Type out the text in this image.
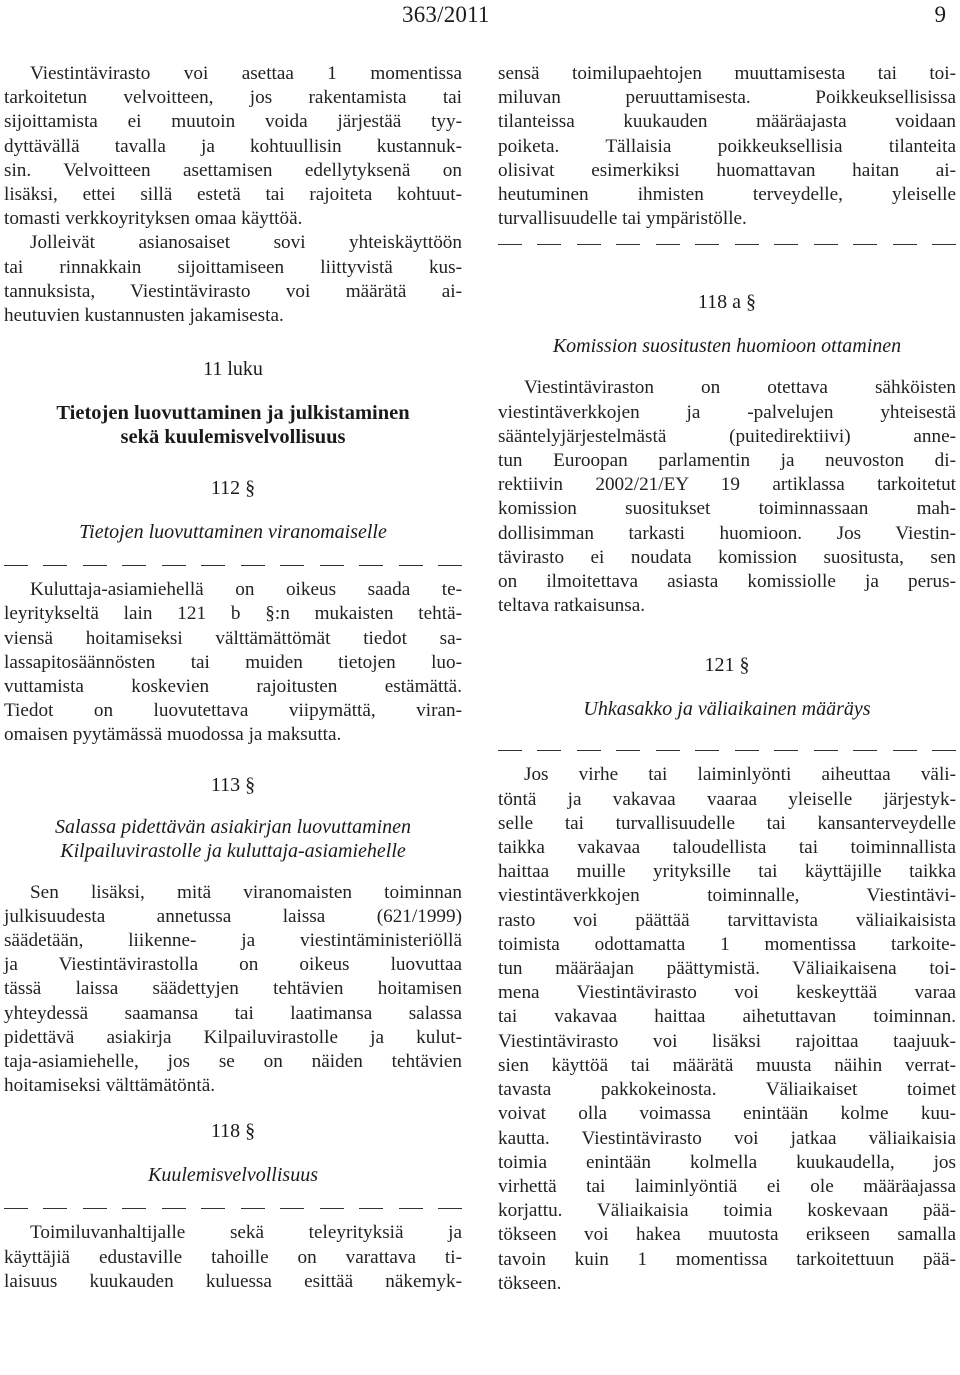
363/2011	9
Viestintävirasto voi asettaa 1 momentissa
tarkoitetun velvoitteen, jos rakentamista tai
sijoittamista ei muutoin voida järjestää tyy-
dyttävällä tavalla ja kohtuullisin kustannuk-
sin. Velvoitteen asettamisen edellytyksenä on
lisäksi, ettei sillä estetä tai rajoiteta kohtuut-
tomasti verkkoyrityksen omaa käyttöä.
Jolleivät asianosaiset sovi yhteiskäyttöön
tai rinnakkain sijoittamiseen liittyvistä kus-
tannuksista, Viestintävirasto voi määrätä ai-
heutuvien kustannusten jakamisesta.
11 luku
Tietojen luovuttaminen ja julkistaminen
sekä kuulemisvelvollisuus
112 §
Tietojen luovuttaminen viranomaiselle
Kuluttaja-asiamiehellä on oikeus saada te-
leyritykseltä lain 121 b §:n mukaisten tehtä-
viensä hoitamiseksi välttämättömät tiedot sa-
lassapitosäännösten tai muiden tietojen luo-
vuttamista koskevien rajoitusten estämättä.
Tiedot on luovutettava viipymättä, viran-
omaisen pyytämässä muodossa ja maksutta.
113 §
Salassa pidettävän asiakirjan luovuttaminen
Kilpailuvirastolle ja kuluttaja-asiamiehelle
Sen lisäksi, mitä viranomaisten toiminnan
julkisuudesta annetussa laissa (621/1999)
säädetään, liikenne- ja viestintäministeriöllä
ja Viestintävirastolla on oikeus luovuttaa
tässä laissa säädettyjen tehtävien hoitamisen
yhteydessä saamansa tai laatimansa salassa
pidettävä asiakirja Kilpailuvirastolle ja kulut-
taja-asiamiehelle, jos se on näiden tehtävien
hoitamiseksi välttämätöntä.
118 §
Kuulemisvelvollisuus
Toimiluvanhaltijalle sekä teleyrityksiä ja
käyttäjiä edustaville tahoille on varattava ti-
laisuus kuukauden kuluessa esittää näkemyk-
sensä toimilupaehtojen muuttamisesta tai toi-
miluvan peruuttamisesta. Poikkeuksellisissa
tilanteissa kuukauden määräajasta voidaan
poiketa. Tällaisia poikkeuksellisia tilanteita
olisivat esimerkiksi huomattavan haitan ai-
heutuminen ihmisten terveydelle, yleiselle
turvallisuudelle tai ympäristölle.
118 a §
Komission suositusten huomioon ottaminen
Viestintäviraston on otettava sähköisten
viestintäverkkojen ja -palvelujen yhteisestä
sääntelyjärjestelmästä (puitedirektiivi) anne-
tun Euroopan parlamentin ja neuvoston di-
rektiivin 2002/21/EY 19 artiklassa tarkoitetut
komission suositukset toiminnassaan mah-
dollisimman tarkasti huomioon. Jos Viestin-
tävirasto ei noudata komission suositusta, sen
on ilmoitettava asiasta komissiolle ja perus-
teltava ratkaisunsa.
121 §
Uhkasakko ja väliaikainen määräys
Jos virhe tai laiminlyönti aiheuttaa väli-
töntä ja vakavaa vaaraa yleiselle järjestyk-
selle tai turvallisuudelle tai kansanterveydelle
taikka vakavaa taloudellista tai toiminnallista
haittaa muille yrityksille tai käyttäjille taikka
viestintäverkkojen toiminnalle, Viestintävi-
rasto voi päättää tarvittavista väliaikaisista
toimista odottamatta 1 momentissa tarkoite-
tun määräajan päättymistä. Väliaikaisena toi-
mena Viestintävirasto voi keskeyttää varaa
tai vakavaa haittaa aihetuttavan toiminnan.
Viestintävirasto voi lisäksi rajoittaa taajuuk-
sien käyttöä tai määrätä muusta näihin verrat-
tavasta pakkokeinosta. Väliaikaiset toimet
voivat olla voimassa enintään kolme kuu-
kautta. Viestintävirasto voi jatkaa väliaikaisia
toimia enintään kolmella kuukaudella, jos
virhettä tai laiminlyöntiä ei ole määräajassa
korjattu. Väliaikaisia toimia koskevaan pää-
tökseen voi hakea muutosta erikseen samalla
tavoin kuin 1 momentissa tarkoitettuun pää-
tökseen.
